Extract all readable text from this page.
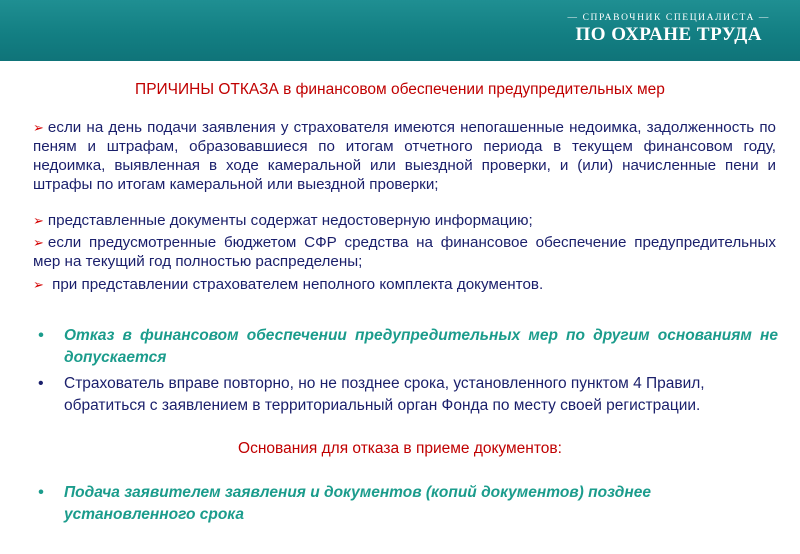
— СПРАВОЧНИК СПЕЦИАЛИСТА —
ПО ОХРАНЕ ТРУДА
ПРИЧИНЫ ОТКАЗА в финансовом обеспечении предупредительных мер
➢ если на день подачи заявления у страхователя имеются непогашенные недоимка, задолженность по пеням и штрафам, образовавшиеся по итогам отчетного периода в текущем финансовом году, недоимка, выявленная в ходе камеральной или выездной проверки, и (или) начисленные пени и штрафы по итогам камеральной или выездной проверки;
➢ представленные документы содержат недостоверную информацию;
➢ если предусмотренные бюджетом СФР средства на финансовое обеспечение предупредительных мер на текущий год полностью распределены;
➢ при представлении страхователем неполного комплекта документов.
• Отказ в финансовом обеспечении предупредительных мер по другим основаниям не допускается
• Страхователь вправе повторно, но не позднее срока, установленного пунктом 4 Правил, обратиться с заявлением в территориальный орган Фонда по месту своей регистрации.
Основания для отказа в приеме документов:
• Подача заявителем заявления и документов (копий документов) позднее установленного срока
